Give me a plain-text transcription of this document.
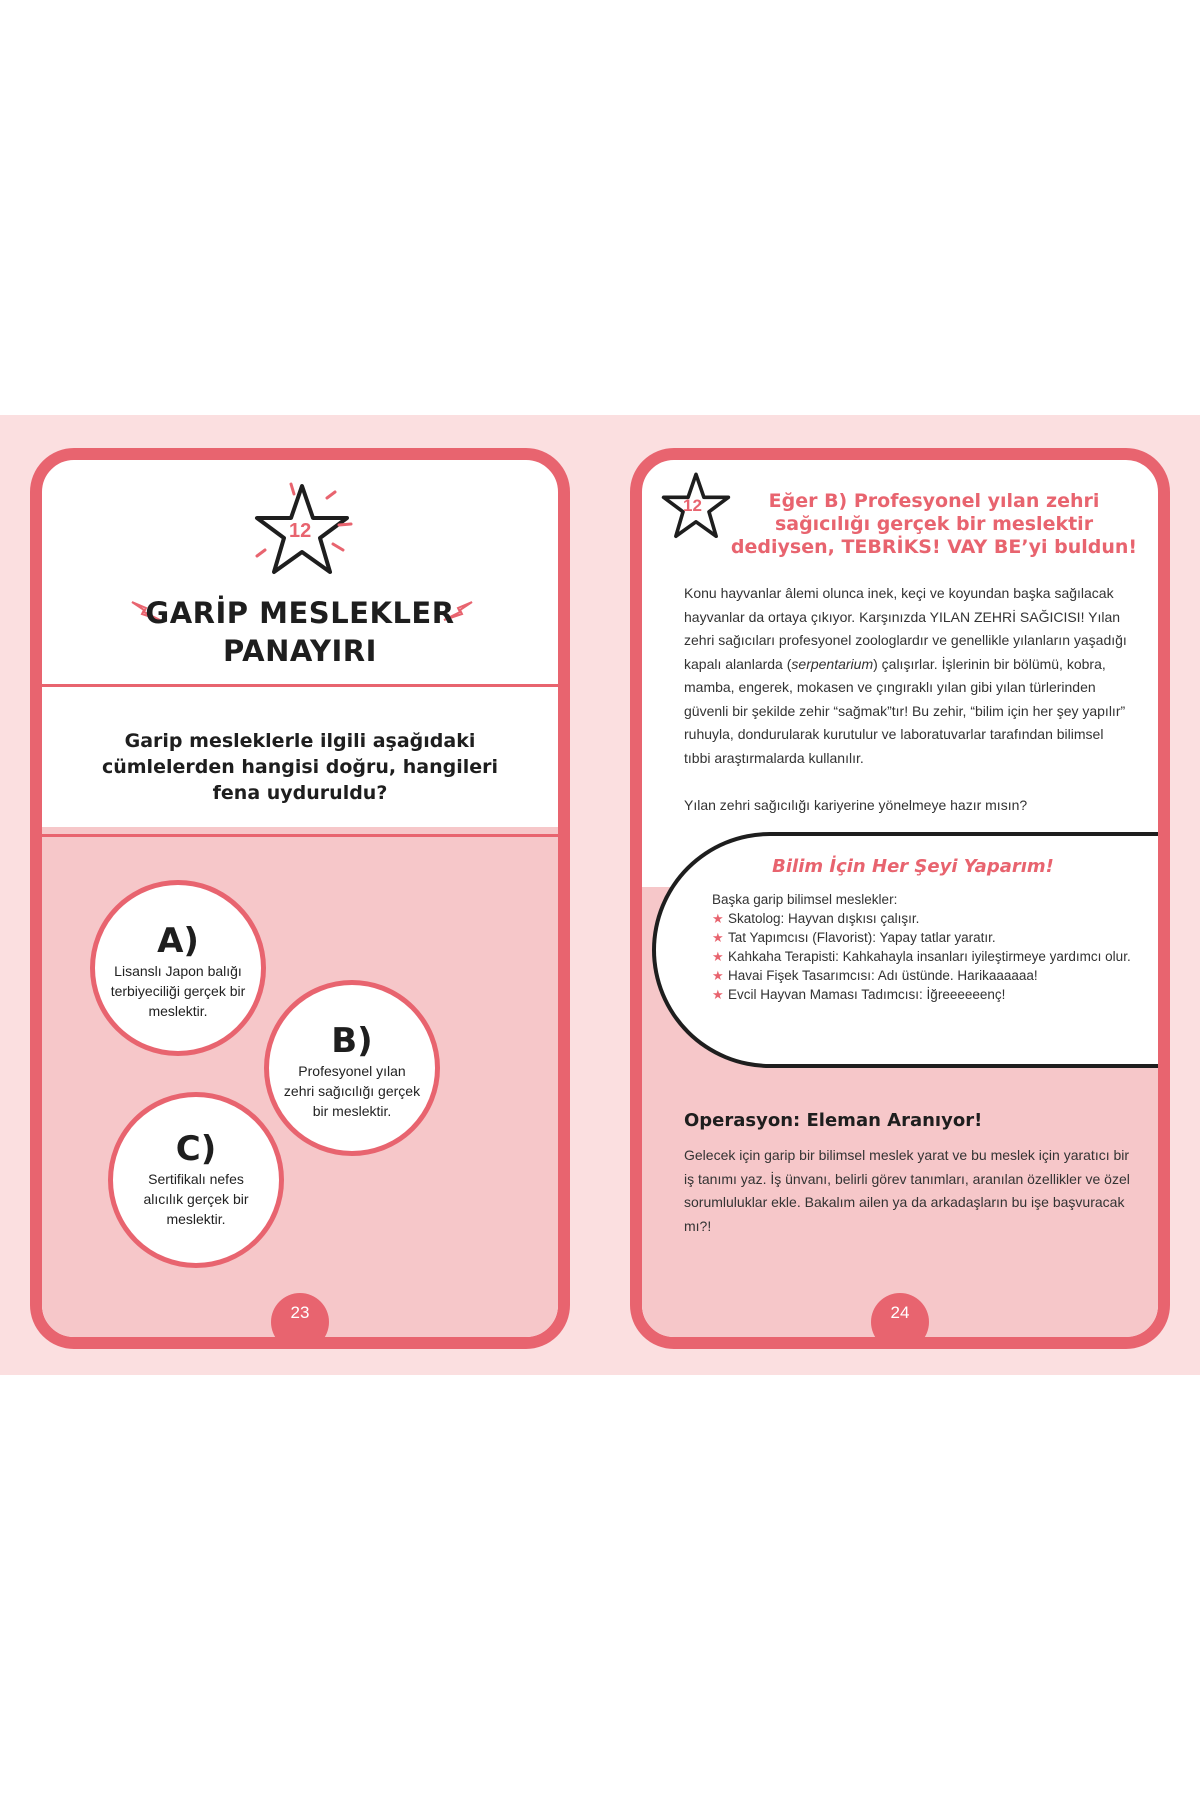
12
GARİP MESLEKLER
PANAYIRI
Garip mesleklerle ilgili aşağıdaki cümlelerden hangisi doğru, hangileri fena uyduruldu?
A)
Lisanslı Japon balığı terbiyeciliği gerçek bir meslektir.
B)
Profesyonel yılan zehri sağıcılığı gerçek bir meslektir.
C)
Sertifikalı nefes alıcılık gerçek bir meslektir.
23
12	Eğer B) Profesyonel yılan zehri sağıcılığı gerçek bir meslektir dediysen, TEBRİKS! VAY BE’yi buldun!

Konu hayvanlar âlemi olunca inek, keçi ve koyundan başka sağılacak hayvanlar da ortaya çıkıyor. Karşınızda YILAN ZEHRİ SAĞICISI! Yılan zehri sağıcıları profesyonel zoologlardır ve genellikle yılanların yaşadığı kapalı alanlarda (serpentarium) çalışırlar. İşlerinin bir bölümü, kobra, mamba, engerek, mokasen ve çıngıraklı yılan gibi yılan türlerinden güvenli bir şekilde zehir “sağmak”tır! Bu zehir, “bilim için her şey yapılır” ruhuyla, dondurularak kurutulur ve laboratuvarlar tarafından bilimsel tıbbi araştırmalarda kullanılır.

Yılan zehri sağıcılığı kariyerine yönelmeye hazır mısın?

Bilim İçin Her Şeyi Yaparım!
Başka garip bilimsel meslekler:
★ Skatolog: Hayvan dışkısı çalışır.
★ Tat Yapımcısı (Flavorist): Yapay tatlar yaratır.
★ Kahkaha Terapisti: Kahkahayla insanları iyileştirmeye yardımcı olur.
★ Havai Fişek Tasarımcısı: Adı üstünde. Harikaaaaaa!
★ Evcil Hayvan Maması Tadımcısı: İğreeeeeenç!
Operasyon: Eleman Aranıyor!

Gelecek için garip bir bilimsel meslek yarat ve bu meslek için yaratıcı bir iş tanımı yaz. İş ünvanı, belirli görev tanımları, aranılan özellikler ve özel sorumluluklar ekle. Bakalım ailen ya da arkadaşların bu işe başvuracak mı?!

24
